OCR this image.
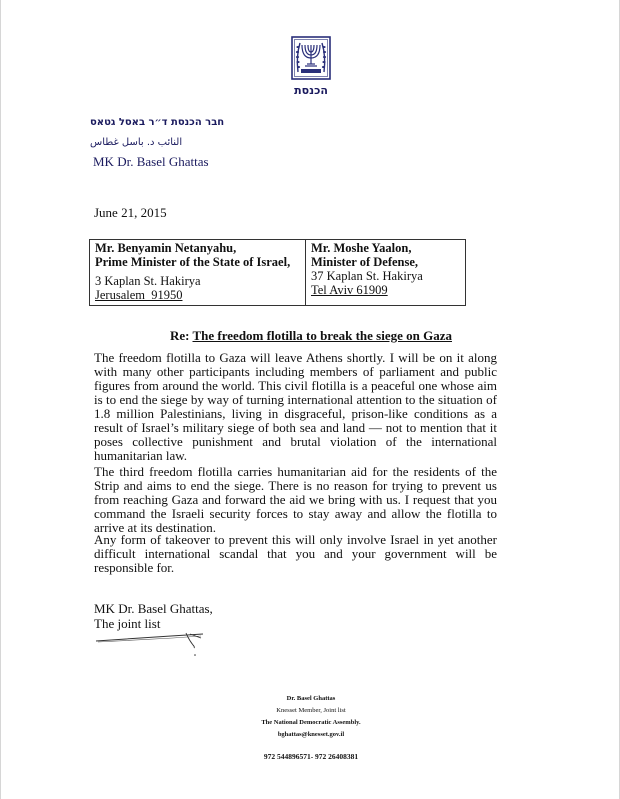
הכנסת
חבר הכנסת ד״ר באסל גטאס
النائب د. باسل غطاس
MK Dr. Basel Ghattas
June 21, 2015
Mr. Benyamin Netanyahu,
Prime Minister of the State of Israel,
3 Kaplan St. Hakirya
Jerusalem  91950

Mr. Moshe Yaalon,
Minister of Defense,
37 Kaplan St. Hakirya
Tel Aviv 61909
Re: The freedom flotilla to break the siege on Gaza
The freedom flotilla to Gaza will leave Athens shortly. I will be on it along with many other participants including members of parliament and public figures from around the world. This civil flotilla is a peaceful one whose aim is to end the siege by way of turning international attention to the situation of 1.8 million Palestinians, living in disgraceful, prison-like conditions as a result of Israel’s military siege of both sea and land — not to mention that it poses collective punishment and brutal violation of the international humanitarian law.
The third freedom flotilla carries humanitarian aid for the residents of the Strip and aims to end the siege. There is no reason for trying to prevent us from reaching Gaza and forward the aid we bring with us. I request that you command the Israeli security forces to stay away and allow the flotilla to arrive at its destination.
Any form of takeover to prevent this will only involve Israel in yet another difficult international scandal that you and your government will be responsible for.
MK Dr. Basel Ghattas,
The joint list
Dr. Basel Ghattas
Knesset Member, Joint list
The National Democratic Assembly.
bghattas@knesset.gov.il
972 544896571- 972 26408381
